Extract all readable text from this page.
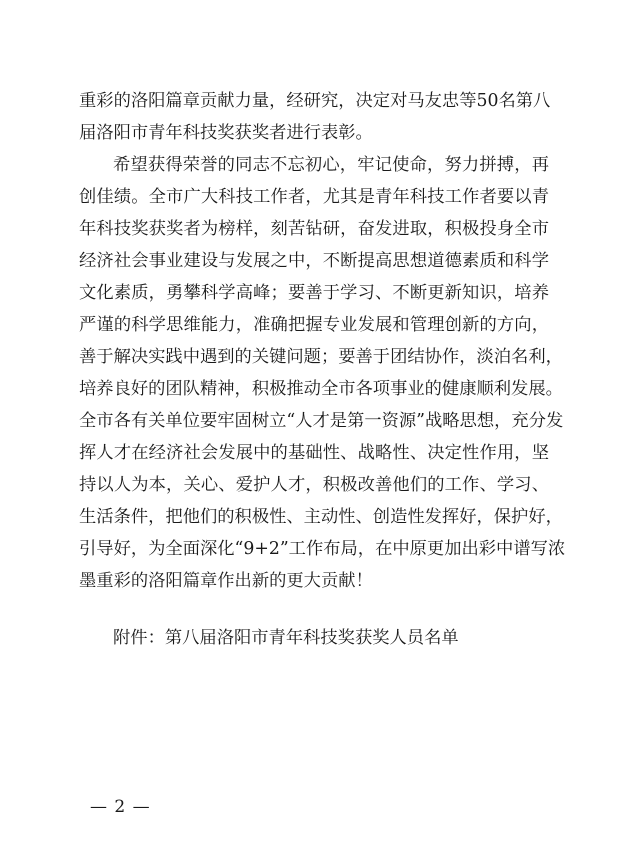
重彩的洛阳篇章贡献力量，经研究，决定对马友忠等50名第八
届洛阳市青年科技奖获奖者进行表彰。
希望获得荣誉的同志不忘初心，牢记使命，努力拼搏，再
创佳绩。全市广大科技工作者，尤其是青年科技工作者要以青
年科技奖获奖者为榜样，刻苦钻研，奋发进取，积极投身全市
经济社会事业建设与发展之中，不断提高思想道德素质和科学
文化素质，勇攀科学高峰；要善于学习、不断更新知识，培养
严谨的科学思维能力，准确把握专业发展和管理创新的方向，
善于解决实践中遇到的关键问题；要善于团结协作，淡泊名利，
培养良好的团队精神，积极推动全市各项事业的健康顺利发展。
全市各有关单位要牢固树立“人才是第一资源”战略思想，充分发
挥人才在经济社会发展中的基础性、战略性、决定性作用，坚
持以人为本，关心、爱护人才，积极改善他们的工作、学习、
生活条件，把他们的积极性、主动性、创造性发挥好，保护好，
引导好，为全面深化“9+2”工作布局，在中原更加出彩中谱写浓
墨重彩的洛阳篇章作出新的更大贡献！
附件：第八届洛阳市青年科技奖获奖人员名单
— 2 —
